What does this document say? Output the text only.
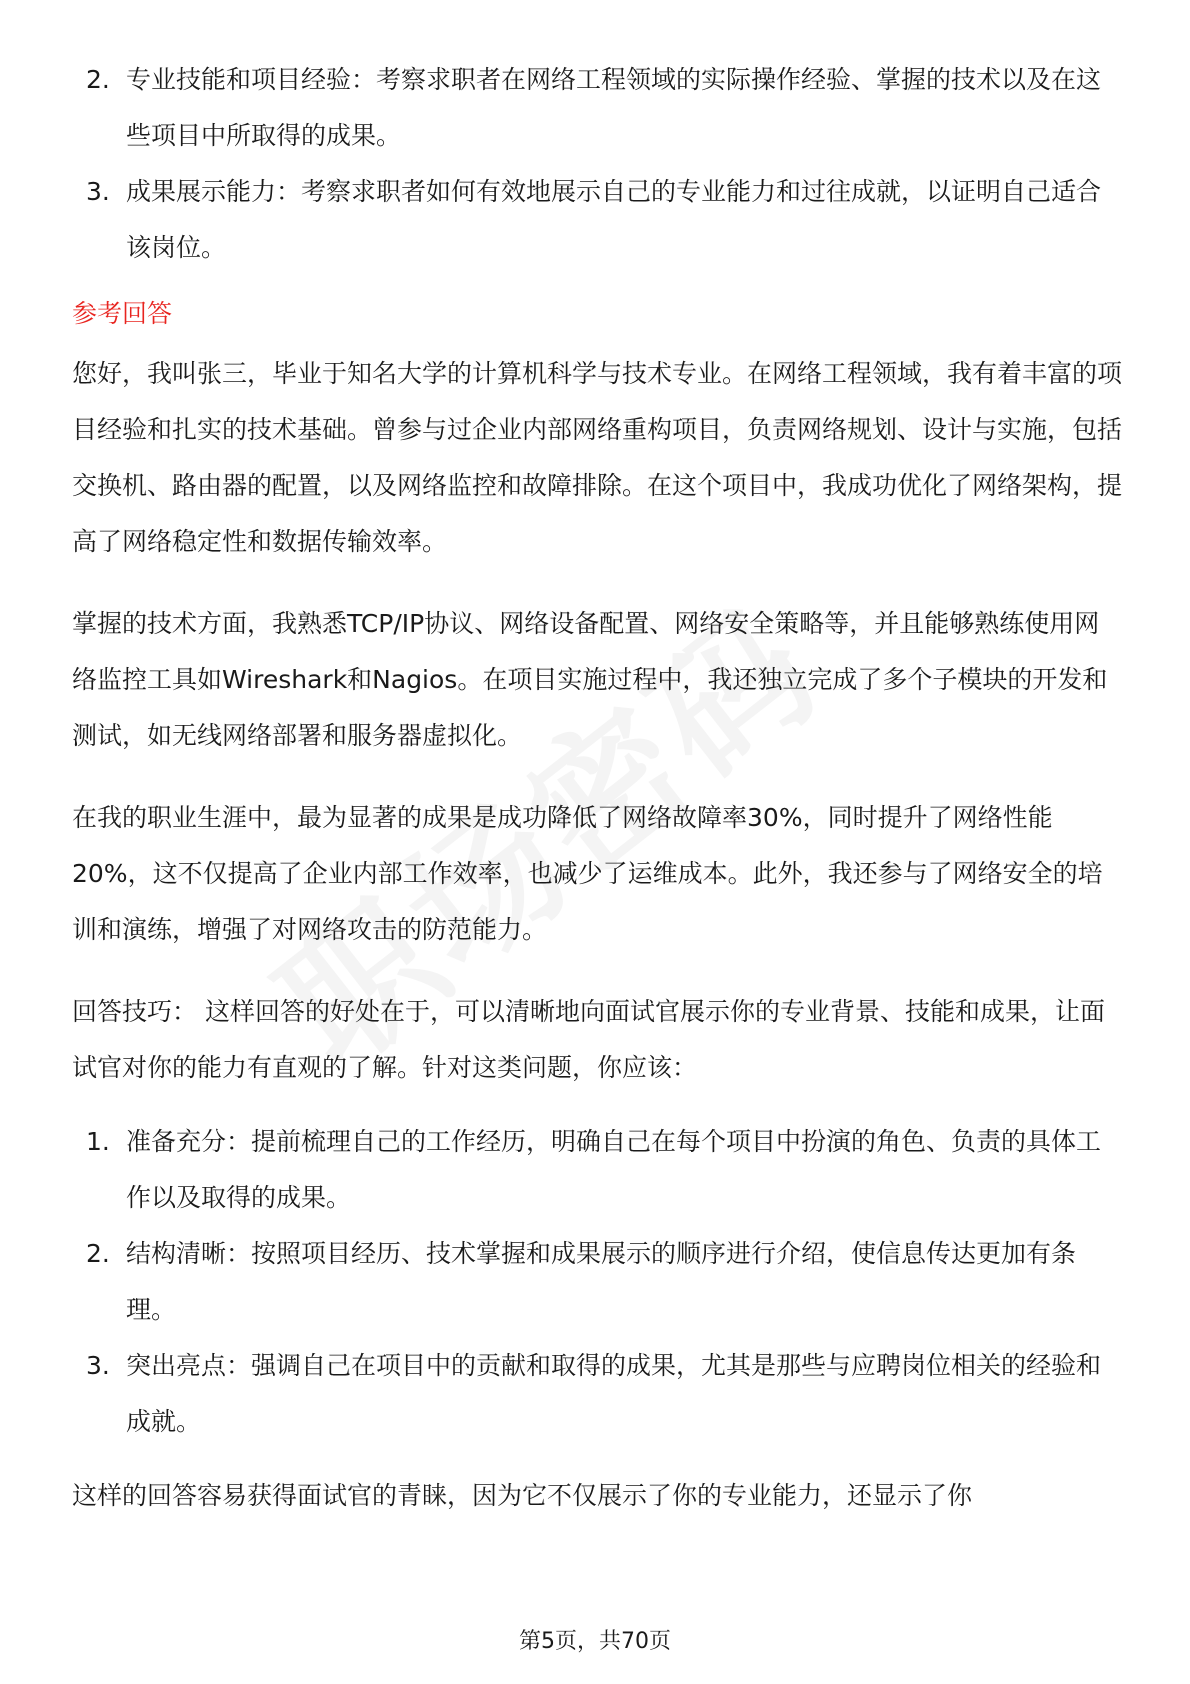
2. 专业技能和项目经验：考察求职者在网络工程领域的实际操作经验、掌握的技术以及在这些项目中所取得的成果。
3. 成果展示能力：考察求职者如何有效地展示自己的专业能力和过往成就，以证明自己适合该岗位。
参考回答

您好，我叫张三，毕业于知名大学的计算机科学与技术专业。在网络工程领域，我有着丰富的项目经验和扎实的技术基础。曾参与过企业内部网络重构项目，负责网络规划、设计与实施，包括交换机、路由器的配置，以及网络监控和故障排除。在这个项目中，我成功优化了网络架构，提高了网络稳定性和数据传输效率。

掌握的技术方面，我熟悉TCP/IP协议、网络设备配置、网络安全策略等，并且能够熟练使用网络监控工具如Wireshark和Nagios。在项目实施过程中，我还独立完成了多个子模块的开发和测试，如无线网络部署和服务器虚拟化。

在我的职业生涯中，最为显著的成果是成功降低了网络故障率30%，同时提升了网络性能20%，这不仅提高了企业内部工作效率，也减少了运维成本。此外，我还参与了网络安全的培训和演练，增强了对网络攻击的防范能力。

回答技巧： 这样回答的好处在于，可以清晰地向面试官展示你的专业背景、技能和成果，让面试官对你的能力有直观的了解。针对这类问题，你应该：

1. 准备充分：提前梳理自己的工作经历，明确自己在每个项目中扮演的角色、负责的具体工作以及取得的成果。
2. 结构清晰：按照项目经历、技术掌握和成果展示的顺序进行介绍，使信息传达更加有条理。
3. 突出亮点：强调自己在项目中的贡献和取得的成果，尤其是那些与应聘岗位相关的经验和成就。

这样的回答容易获得面试官的青睐，因为它不仅展示了你的专业能力，还显示了你

第5页，共70页
